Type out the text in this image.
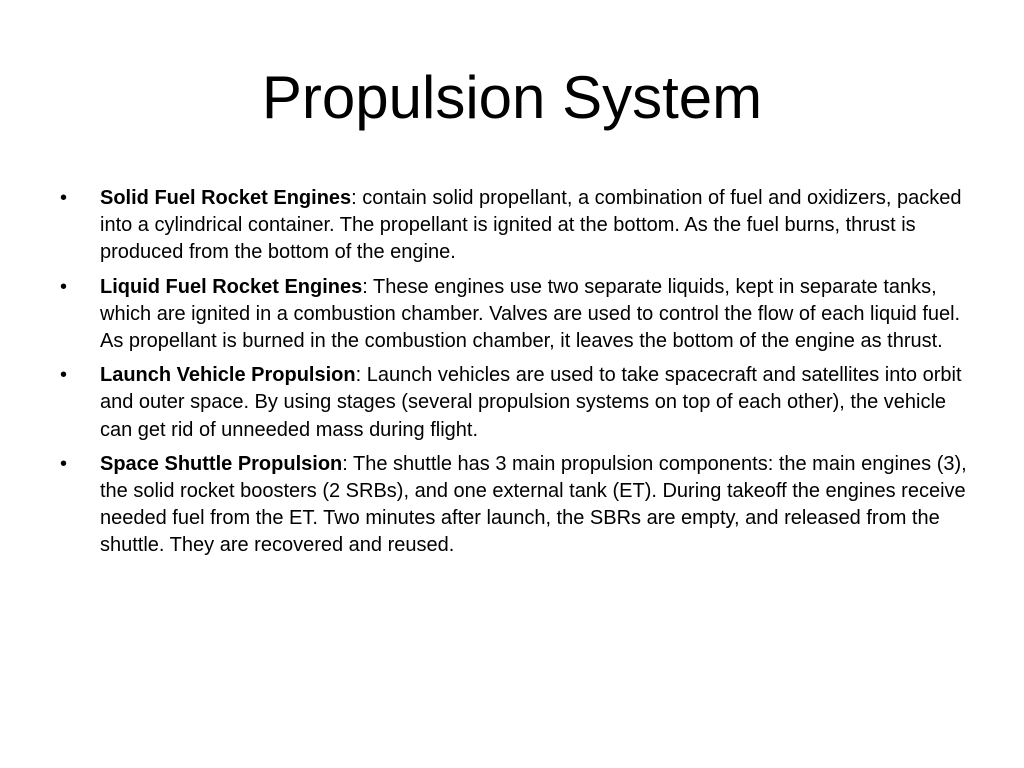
Propulsion System
•	Solid Fuel Rocket Engines: contain solid propellant, a combination of fuel and oxidizers, packed into a cylindrical container. The propellant is ignited at the bottom. As the fuel burns, thrust is produced from the bottom of the engine.
•	Liquid Fuel Rocket Engines: These engines use two separate liquids, kept in separate tanks, which are ignited in a combustion chamber. Valves are used to control the flow of each liquid fuel. As propellant is burned in the combustion chamber, it leaves the bottom of the engine as thrust.
•	Launch Vehicle Propulsion: Launch vehicles are used to take spacecraft and satellites into orbit and outer space. By using stages (several propulsion systems on top of each other), the vehicle can get rid of unneeded mass during flight.
•	Space Shuttle Propulsion: The shuttle has 3 main propulsion components: the main engines (3), the solid rocket boosters (2 SRBs), and one external tank (ET). During takeoff the engines receive needed fuel from the ET. Two minutes after launch, the SBRs are empty, and released from the shuttle. They are recovered and reused.
